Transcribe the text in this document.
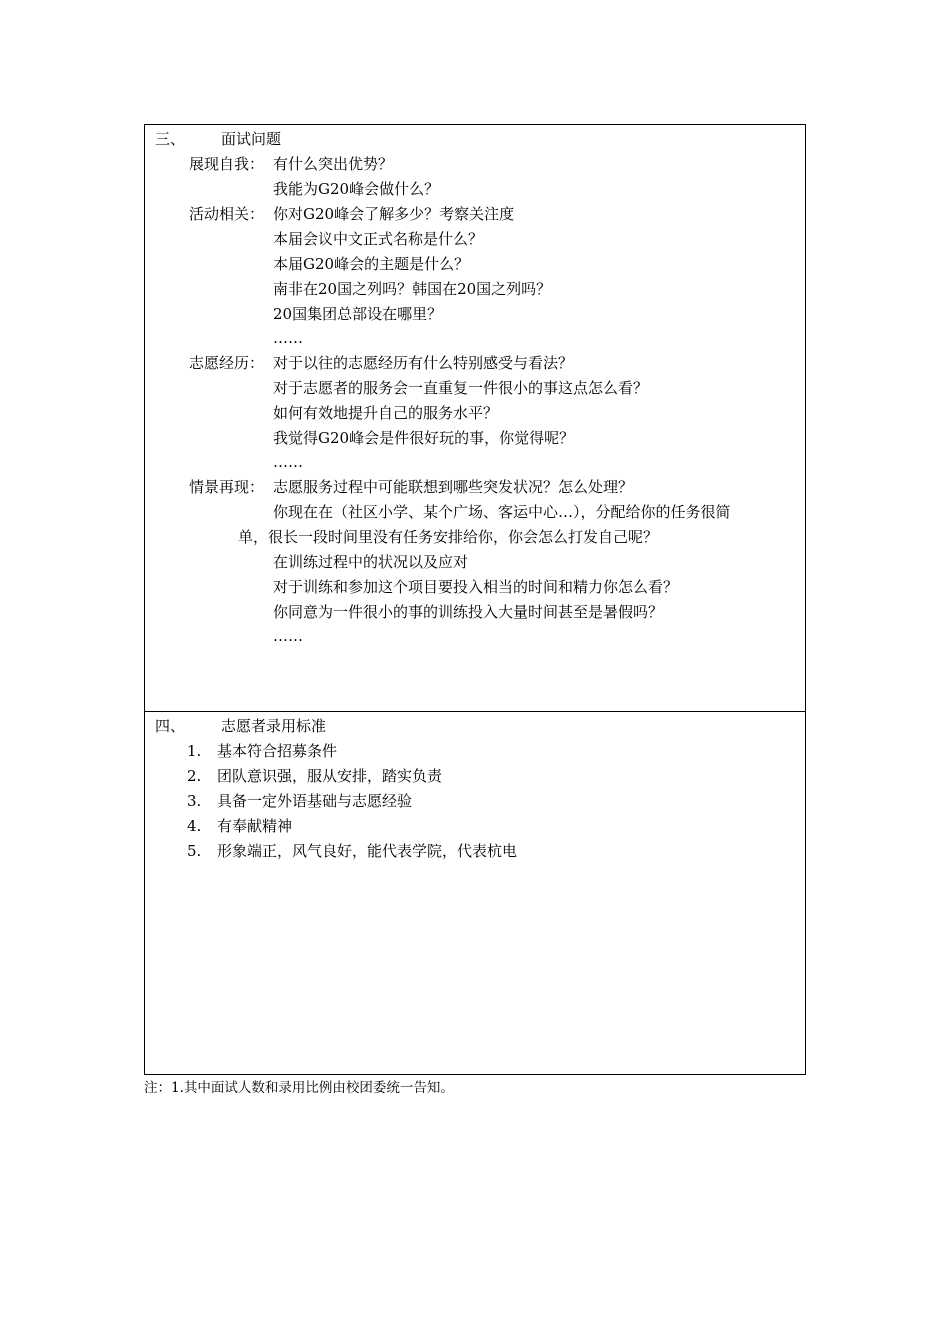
三、 面试问题
展现自我： 有什么突出优势？
我能为G20峰会做什么？
活动相关： 你对G20峰会了解多少？考察关注度
本届会议中文正式名称是什么？
本届G20峰会的主题是什么？
南非在20国之列吗？韩国在20国之列吗？
20国集团总部设在哪里？
……
志愿经历： 对于以往的志愿经历有什么特别感受与看法？
对于志愿者的服务会一直重复一件很小的事这点怎么看？
如何有效地提升自己的服务水平？
我觉得G20峰会是件很好玩的事，你觉得呢？
……
情景再现： 志愿服务过程中可能联想到哪些突发状况？怎么处理？
你现在在（社区小学、某个广场、客运中心…），分配给你的任务很简
单，很长一段时间里没有任务安排给你，你会怎么打发自己呢？
在训练过程中的状况以及应对
对于训练和参加这个项目要投入相当的时间和精力你怎么看？
你同意为一件很小的事的训练投入大量时间甚至是暑假吗？
……
四、 志愿者录用标准
1. 基本符合招募条件
2. 团队意识强，服从安排，踏实负责
3. 具备一定外语基础与志愿经验
4. 有奉献精神
5. 形象端正，风气良好，能代表学院，代表杭电
注：1.其中面试人数和录用比例由校团委统一告知。
